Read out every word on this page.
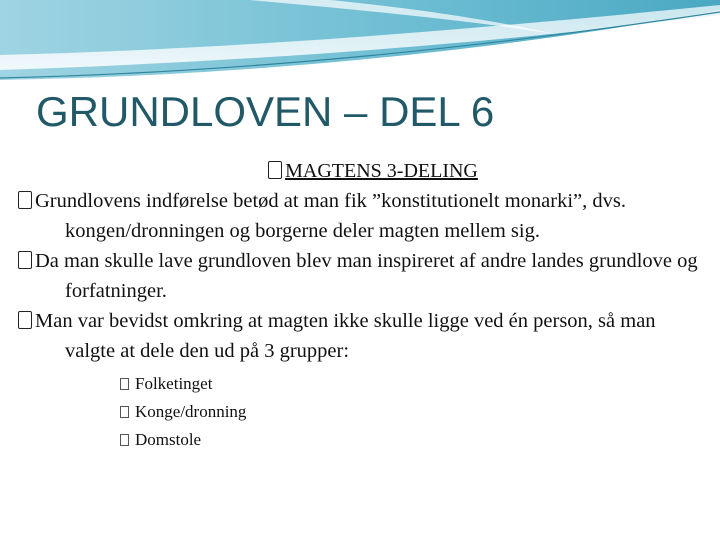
GRUNDLOVEN – DEL 6
MAGTENS 3-DELING

Grundlovens indførelse betød at man fik ”konstitutionelt monarki”, dvs. kongen/dronningen og borgerne deler magten mellem sig.

Da man skulle lave grundloven blev man inspireret af andre landes grundlove og forfatninger.

Man var bevidst omkring at magten ikke skulle ligge ved én person, så man valgte at dele den ud på 3 grupper:

Folketinget
Konge/dronning
Domstole
